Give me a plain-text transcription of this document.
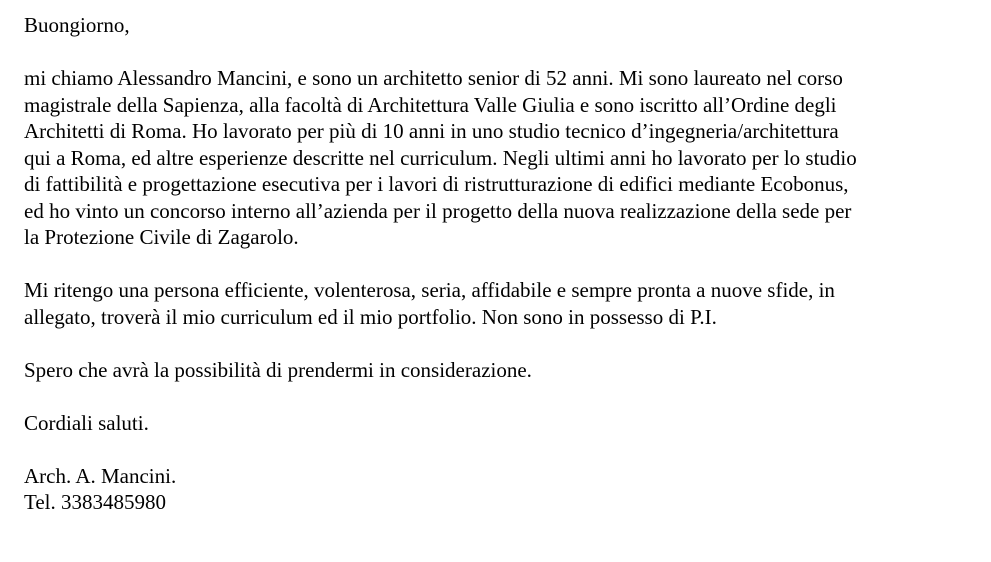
Buongiorno,

mi chiamo Alessandro Mancini, e sono un architetto senior di 52 anni. Mi sono laureato nel corso
magistrale della Sapienza, alla facoltà di Architettura Valle Giulia e sono iscritto all’Ordine degli
Architetti di Roma. Ho lavorato per più di 10 anni in uno studio tecnico d’ingegneria/architettura
qui a Roma, ed altre esperienze descritte nel curriculum. Negli ultimi anni ho lavorato per lo studio
di fattibilità e progettazione esecutiva per i lavori di ristrutturazione di edifici mediante Ecobonus,
ed ho vinto un concorso interno all’azienda per il progetto della nuova realizzazione della sede per
la Protezione Civile di Zagarolo.

Mi ritengo una persona efficiente, volenterosa, seria, affidabile e sempre pronta a nuove sfide, in
allegato, troverà il mio curriculum ed il mio portfolio. Non sono in possesso di P.I.

Spero che avrà la possibilità di prendermi in considerazione.

Cordiali saluti.

Arch. A. Mancini.
Tel. 3383485980
